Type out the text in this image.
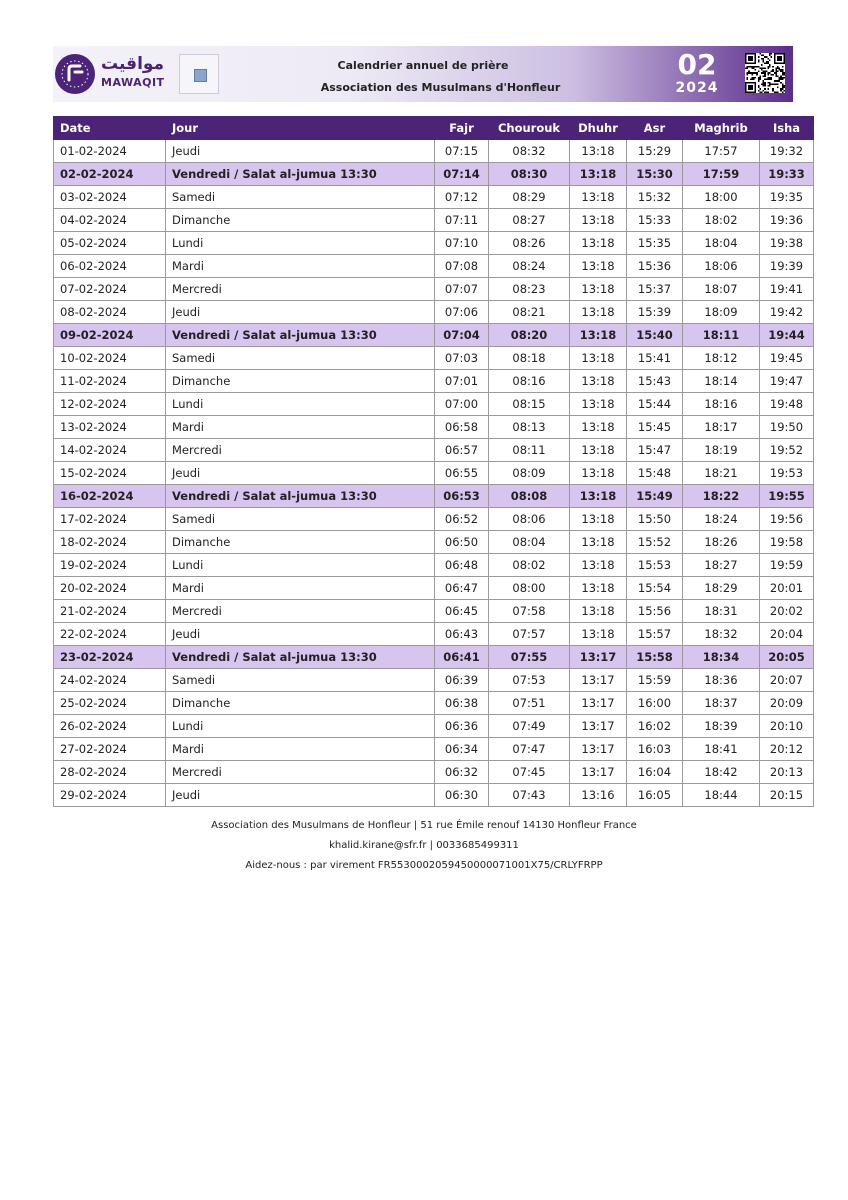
مواقيت
MAWAQIT
Calendrier annuel de prière
Association des Musulmans d'Honfleur
02
2024
Date	Jour	Fajr	Chourouk	Dhuhr	Asr	Maghrib	Isha
01-02-2024	Jeudi	07:15	08:32	13:18	15:29	17:57	19:32
02-02-2024	Vendredi / Salat al-jumua 13:30	07:14	08:30	13:18	15:30	17:59	19:33
03-02-2024	Samedi	07:12	08:29	13:18	15:32	18:00	19:35
04-02-2024	Dimanche	07:11	08:27	13:18	15:33	18:02	19:36
05-02-2024	Lundi	07:10	08:26	13:18	15:35	18:04	19:38
06-02-2024	Mardi	07:08	08:24	13:18	15:36	18:06	19:39
07-02-2024	Mercredi	07:07	08:23	13:18	15:37	18:07	19:41
08-02-2024	Jeudi	07:06	08:21	13:18	15:39	18:09	19:42
09-02-2024	Vendredi / Salat al-jumua 13:30	07:04	08:20	13:18	15:40	18:11	19:44
10-02-2024	Samedi	07:03	08:18	13:18	15:41	18:12	19:45
11-02-2024	Dimanche	07:01	08:16	13:18	15:43	18:14	19:47
12-02-2024	Lundi	07:00	08:15	13:18	15:44	18:16	19:48
13-02-2024	Mardi	06:58	08:13	13:18	15:45	18:17	19:50
14-02-2024	Mercredi	06:57	08:11	13:18	15:47	18:19	19:52
15-02-2024	Jeudi	06:55	08:09	13:18	15:48	18:21	19:53
16-02-2024	Vendredi / Salat al-jumua 13:30	06:53	08:08	13:18	15:49	18:22	19:55
17-02-2024	Samedi	06:52	08:06	13:18	15:50	18:24	19:56
18-02-2024	Dimanche	06:50	08:04	13:18	15:52	18:26	19:58
19-02-2024	Lundi	06:48	08:02	13:18	15:53	18:27	19:59
20-02-2024	Mardi	06:47	08:00	13:18	15:54	18:29	20:01
21-02-2024	Mercredi	06:45	07:58	13:18	15:56	18:31	20:02
22-02-2024	Jeudi	06:43	07:57	13:18	15:57	18:32	20:04
23-02-2024	Vendredi / Salat al-jumua 13:30	06:41	07:55	13:17	15:58	18:34	20:05
24-02-2024	Samedi	06:39	07:53	13:17	15:59	18:36	20:07
25-02-2024	Dimanche	06:38	07:51	13:17	16:00	18:37	20:09
26-02-2024	Lundi	06:36	07:49	13:17	16:02	18:39	20:10
27-02-2024	Mardi	06:34	07:47	13:17	16:03	18:41	20:12
28-02-2024	Mercredi	06:32	07:45	13:17	16:04	18:42	20:13
29-02-2024	Jeudi	06:30	07:43	13:16	16:05	18:44	20:15
Association des Musulmans de Honfleur | 51 rue Émile renouf 14130 Honfleur France
khalid.kirane@sfr.fr | 0033685499311
Aidez-nous : par virement FR5530002059450000071001X75/CRLYFRPP
